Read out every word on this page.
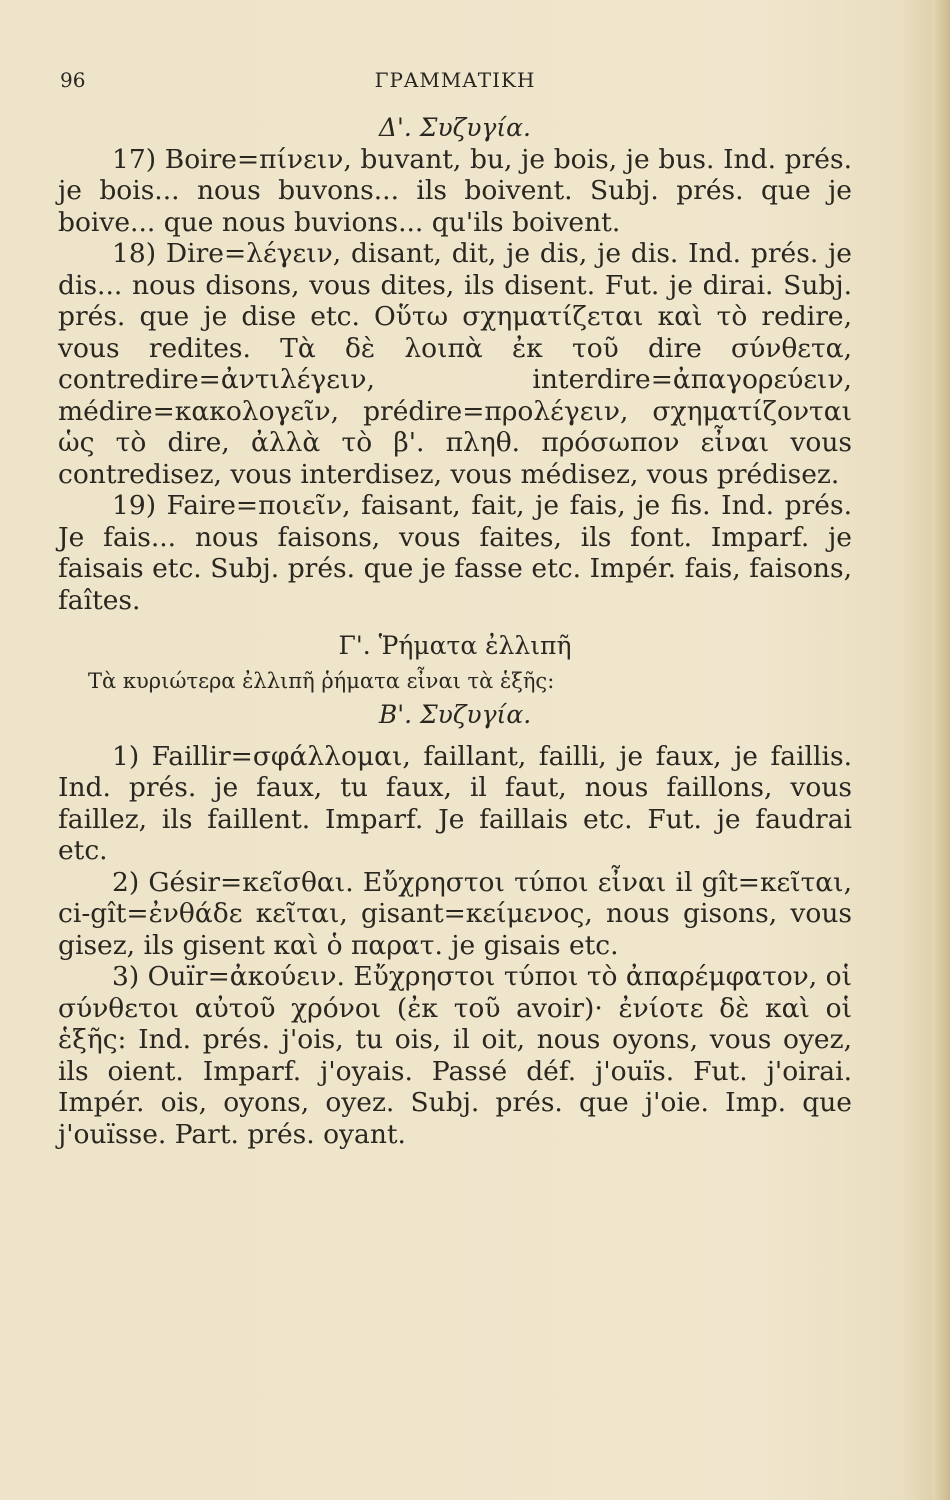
96	ΓΡΑΜΜΑΤΙΚΗ

Δ'. Συζυγία.

17) Boire=πίνειν, buvant, bu, je bois, je bus. Ind. prés. je bois... nous buvons... ils boivent. Subj. prés. que je boive... que nous buvions... qu'ils boivent.

18) Dire=λέγειν, disant, dit, je dis, je dis. Ind. prés. je dis... nous disons, vous dites, ils disent. Fut. je dirai. Subj. prés. que je dise etc. Οὕτω σχηματίζεται καὶ τὸ redire, vous redites. Τὰ δὲ λοιπὰ ἐκ τοῦ dire σύνθετα, contredire=ἀντιλέγειν, interdire=ἀπαγορεύειν, médire=κακολογεῖν, prédire=προλέγειν, σχηματίζονται ὡς τὸ dire, ἀλλὰ τὸ β'. πληθ. πρόσωπον εἶναι vous contredisez, vous interdisez, vous médisez, vous prédisez.

19) Faire=ποιεῖν, faisant, fait, je fais, je fis. Ind. prés. Je fais... nous faisons, vous faites, ils font. Imparf. je faisais etc. Subj. prés. que je fasse etc. Impér. fais, faisons, faîtes.

Γ'. Ῥήματα ἐλλιπῆ

Τὰ κυριώτερα ἐλλιπῆ ῥήματα εἶναι τὰ ἑξῆς:

Β'. Συζυγία.

1) Faillir=σφάλλομαι, faillant, failli, je faux, je faillis. Ind. prés. je faux, tu faux, il faut, nous faillons, vous faillez, ils faillent. Imparf. Je faillais etc. Fut. je faudrai etc.

2) Gésir=κεῖσθαι. Εὔχρηστοι τύποι εἶναι il gît=κεῖται, ci-gît=ἐνθάδε κεῖται, gisant=κείμενος, nous gisons, vous gisez, ils gisent καὶ ὁ παρατ. je gisais etc.

3) Ouïr=ἀκούειν. Εὔχρηστοι τύποι τὸ ἀπαρέμφατον, οἱ σύνθετοι αὐτοῦ χρόνοι (ἐκ τοῦ avoir)· ἐνίοτε δὲ καὶ οἱ ἑξῆς: Ind. prés. j'ois, tu ois, il oit, nous oyons, vous oyez, ils oient. Imparf. j'oyais. Passé déf. j'ouïs. Fut. j'oirai. Impér. ois, oyons, oyez. Subj. prés. que j'oie. Imp. que j'ouïsse. Part. prés. oyant.
